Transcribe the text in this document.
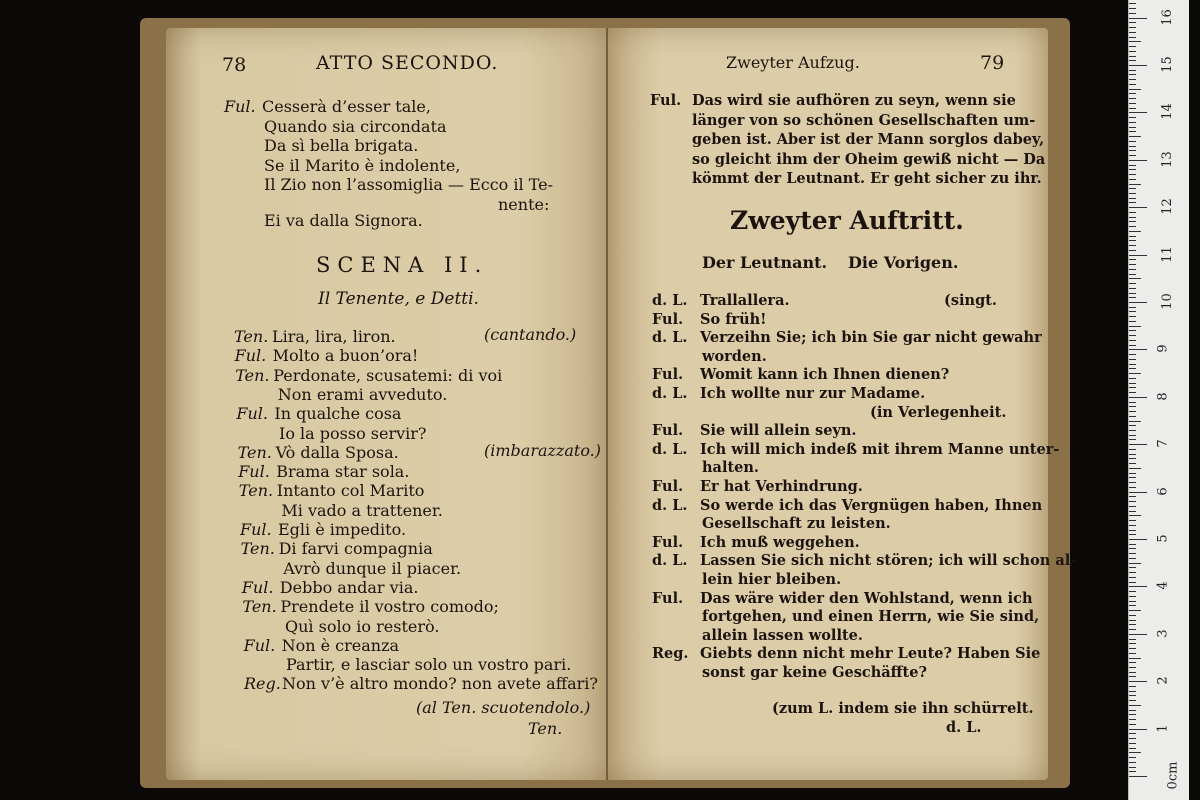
78	ATTO SECONDO.
Ful. Cesserà d’esser tale,
Quando sia circondata
Da sì bella brigata.
Se il Marito è indolente,
Il Zio non l’assomiglia — Ecco il Te-
nente:
Ei va dalla Signora.
SCENA II.
Il Tenente, e Detti.
Ten. Lira, lira, liron.	(cantando.)
Ful. Molto a buon’ora!
Ten. Perdonate, scusatemi: di voi
Non erami avveduto.
Ful. In qualche cosa
Io la posso servir?
Ten. Vò dalla Sposa.	(imbarazzato.)
Ful. Brama star sola.
Ten. Intanto col Marito
Mi vado a trattener.
Ful. Egli è impedito.
Ten. Di farvi compagnia
Avrò dunque il piacer.
Ful. Debbo andar via.
Ten. Prendete il vostro comodo;
Quì solo io resterò.
Ful. Non è creanza
Partir, e lasciar solo un vostro pari.
Reg. Non v’è altro mondo? non avete affari?
(al Ten. scuotendolo.)
Ten.
Zweyter Aufzug.	79
Ful. Das wird sie aufhören zu seyn, wenn sie
länger von so schönen Gesellschaften um-
geben ist. Aber ist der Mann sorglos dabey,
so gleicht ihm der Oheim gewiß nicht — Da
kömmt der Leutnant. Er geht sicher zu ihr.
Zweyter Auftritt.
Der Leutnant. Die Vorigen.
d. L. Trallallera.	(singt.
Ful. So früh!
d. L. Verzeihn Sie; ich bin Sie gar nicht gewahr
worden.
Ful. Womit kann ich Ihnen dienen?
d. L. Ich wollte nur zur Madame.
(in Verlegenheit.
Ful. Sie will allein seyn.
d. L. Ich will mich indeß mit ihrem Manne unter-
halten.
Ful. Er hat Verhindrung.
d. L. So werde ich das Vergnügen haben, Ihnen
Gesellschaft zu leisten.
Ful. Ich muß weggehen.
d. L. Lassen Sie sich nicht stören; ich will schon al-
lein hier bleiben.
Ful. Das wäre wider den Wohlstand, wenn ich
fortgehen, und einen Herrn, wie Sie sind,
allein lassen wollte.
Reg. Giebts denn nicht mehr Leute? Haben Sie
sonst gar keine Geschäffte?
(zum L. indem sie ihn schürrelt.
d. L.
0cm
1
2
3
4
5
6
7
8
9
10
11
12
13
14
15
16
